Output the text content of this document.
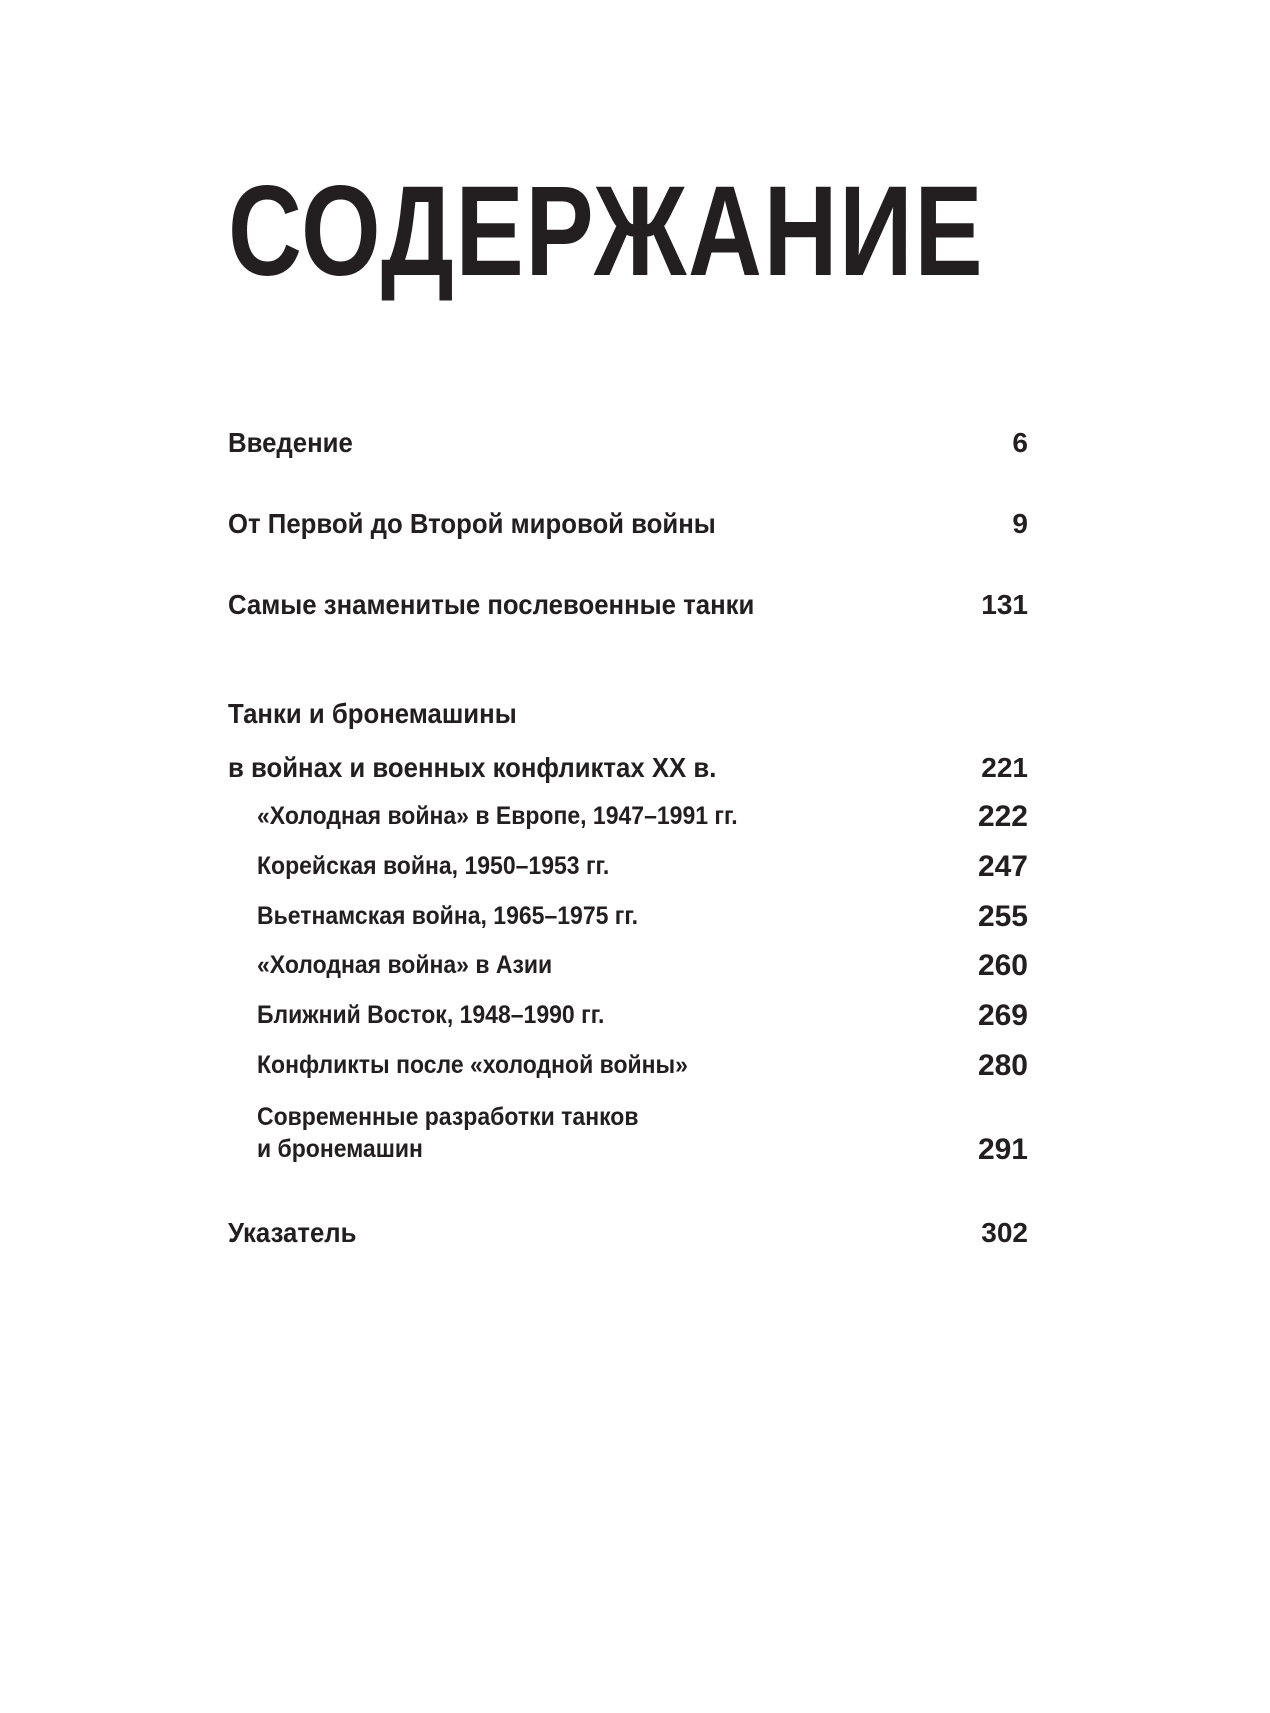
СОДЕРЖАНИЕ
Введение	6
От Первой до Второй мировой войны	9
Самые знаменитые послевоенные танки	131
Танки и бронемашины
в войнах и военных конфликтах XX в.	221
«Холодная война» в Европе, 1947–1991 гг.	222
Корейская война, 1950–1953 гг.	247
Вьетнамская война, 1965–1975 гг.	255
«Холодная война» в Азии	260
Ближний Восток, 1948–1990 гг.	269
Конфликты после «холодной войны»	280
Современные разработки танков
и бронемашин	291
Указатель	302
